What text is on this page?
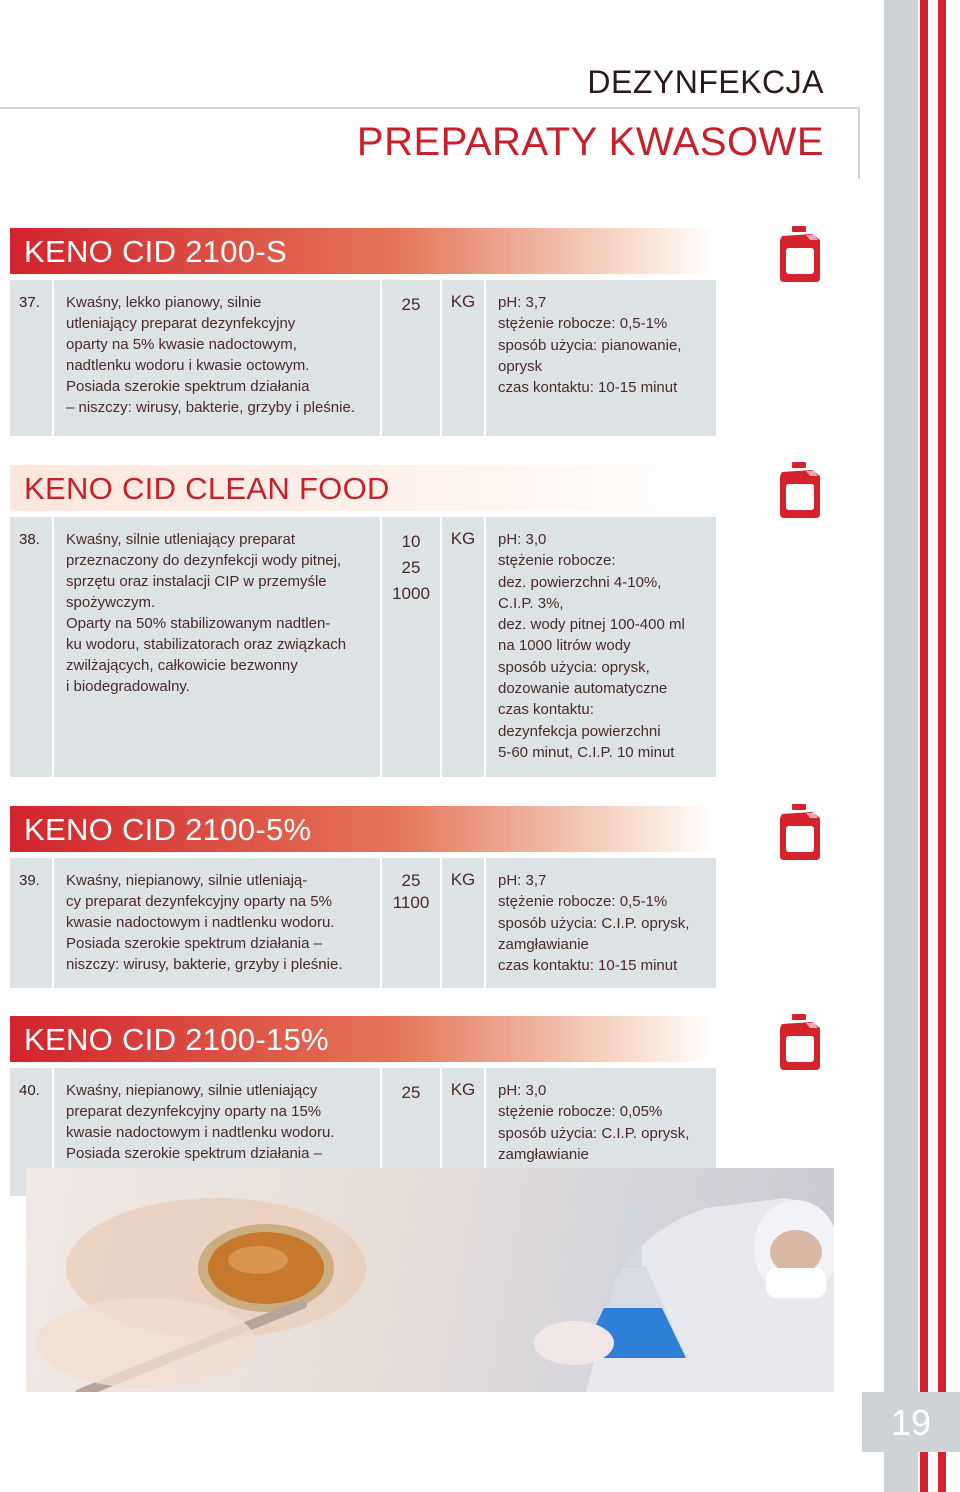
DEZYNFEKCJA
PREPARATY KWASOWE
KENO CID 2100-S
37. Kwaśny, lekko pianowy, silnie
utleniający preparat dezynfekcyjny
oparty na 5% kwasie nadoctowym,
nadtlenku wodoru i kwasie octowym.
Posiada szerokie spektrum działania
– niszczy: wirusy, bakterie, grzyby i pleśnie.
25	KG	pH: 3,7
stężenie robocze: 0,5-1%
sposób użycia: pianowanie,
oprysk
czas kontaktu: 10-15 minut
KENO CID CLEAN FOOD
38. Kwaśny, silnie utleniający preparat
przeznaczony do dezynfekcji wody pitnej,
sprzętu oraz instalacji CIP w przemyśle
spożywczym.
Oparty na 50% stabilizowanym nadtlen-
ku wodoru, stabilizatorach oraz związkach
zwilżających, całkowicie bezwonny
i biodegradowalny.
10
25
1000
KG	pH: 3,0
stężenie robocze:
dez. powierzchni 4-10%,
C.I.P. 3%,
dez. wody pitnej 100-400 ml
na 1000 litrów wody
sposób użycia: oprysk,
dozowanie automatyczne
czas kontaktu:
dezynfekcja powierzchni
5-60 minut, C.I.P. 10 minut
KENO CID 2100-5%
39. Kwaśny, niepianowy, silnie utleniają-
cy preparat dezynfekcyjny oparty na 5%
kwasie nadoctowym i nadtlenku wodoru.
Posiada szerokie spektrum działania –
niszczy: wirusy, bakterie, grzyby i pleśnie.
25
1100
KG	pH: 3,7
stężenie robocze: 0,5-1%
sposób użycia: C.I.P. oprysk,
zamgławianie
czas kontaktu: 10-15 minut
KENO CID 2100-15%
40. Kwaśny, niepianowy, silnie utleniający
preparat dezynfekcyjny oparty na 15%
kwasie nadoctowym i nadtlenku wodoru.
Posiada szerokie spektrum działania –
25	KG	pH: 3,0
stężenie robocze: 0,05%
sposób użycia: C.I.P. oprysk,
zamgławianie
19
